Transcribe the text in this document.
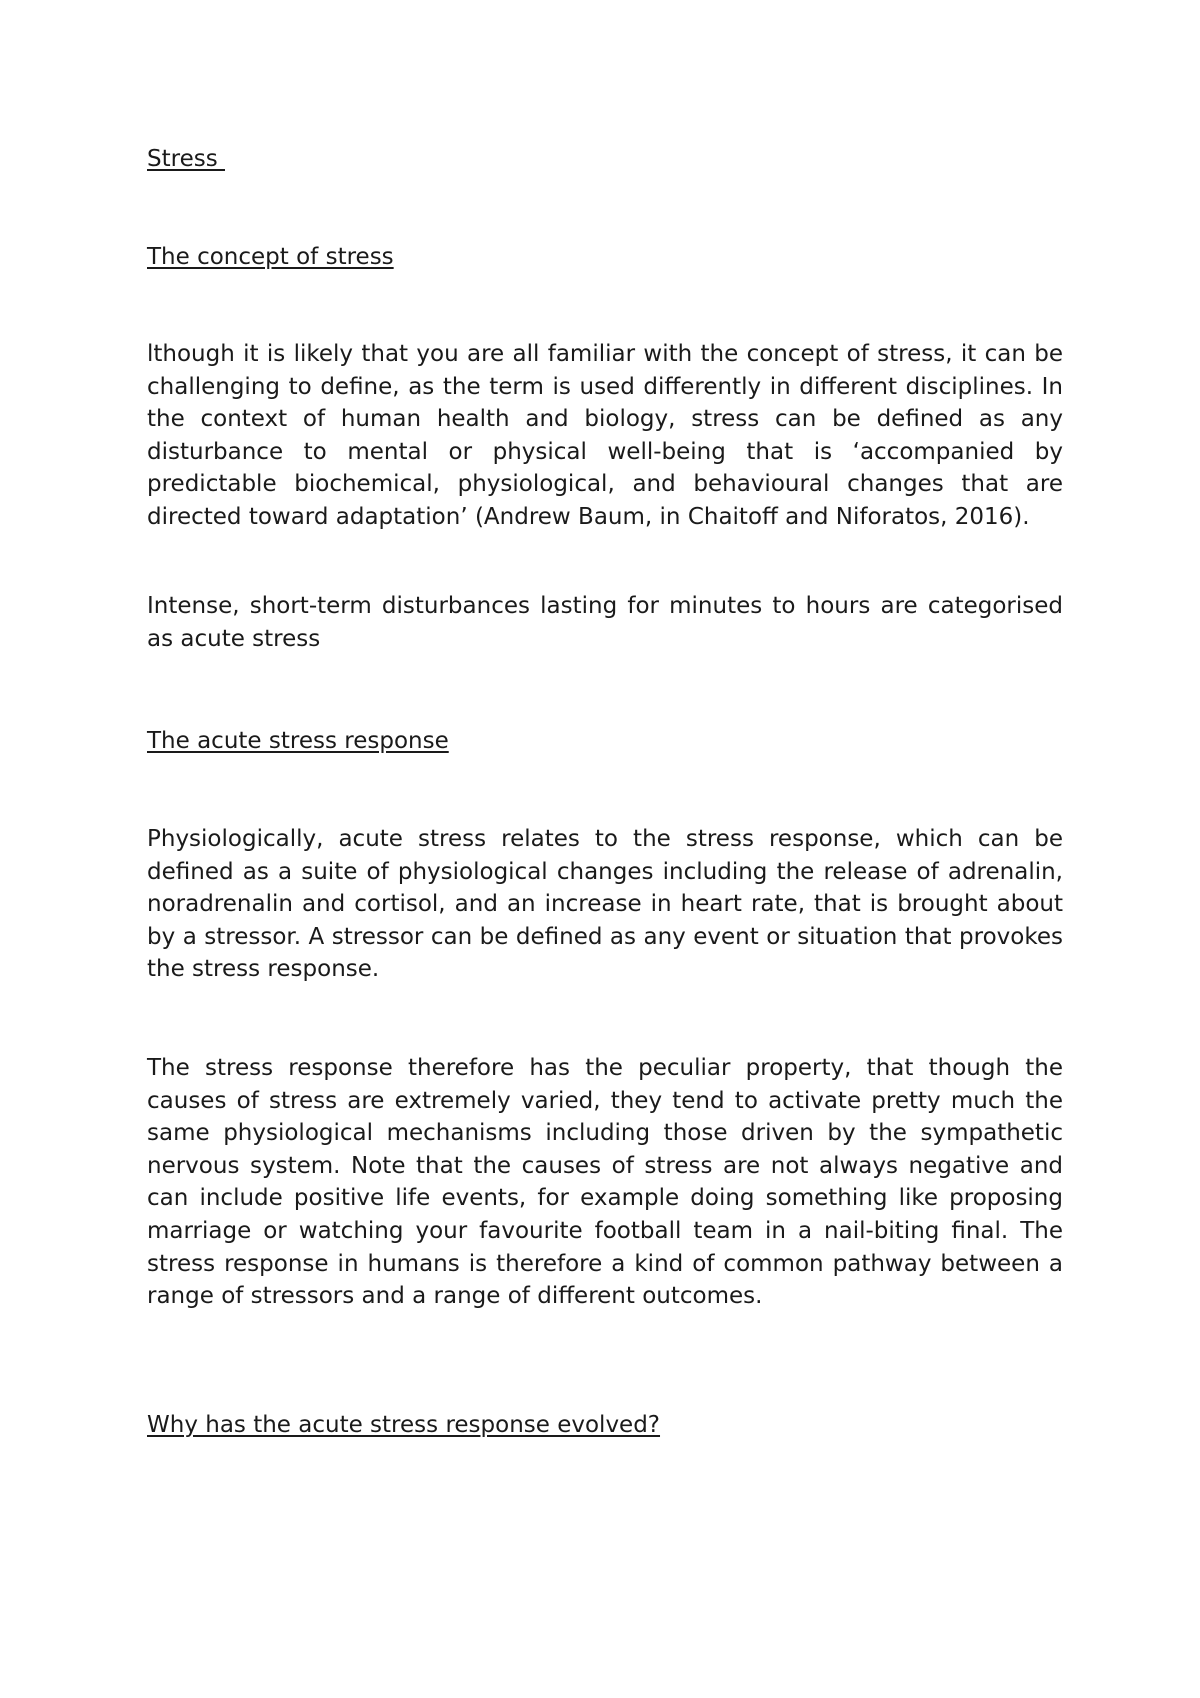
Stress
The concept of stress

lthough it is likely that you are all familiar with the concept of stress, it can be challenging to define, as the term is used differently in different disciplines. In the context of human health and biology, stress can be defined as any disturbance to mental or physical well-being that is ‘accompanied by predictable biochemical, physiological, and behavioural changes that are directed toward adaptation’ (Andrew Baum, in Chaitoff and Niforatos, 2016).

Intense, short-term disturbances lasting for minutes to hours are categorised as acute stress

The acute stress response

Physiologically, acute stress relates to the stress response, which can be defined as a suite of physiological changes including the release of adrenalin, noradrenalin and cortisol, and an increase in heart rate, that is brought about by a stressor. A stressor can be defined as any event or situation that provokes the stress response.

The stress response therefore has the peculiar property, that though the causes of stress are extremely varied, they tend to activate pretty much the same physiological mechanisms including those driven by the sympathetic nervous system. Note that the causes of stress are not always negative and can include positive life events, for example doing something like proposing marriage or watching your favourite football team in a nail-biting final. The stress response in humans is therefore a kind of common pathway between a range of stressors and a range of different outcomes.

Why has the acute stress response evolved?
